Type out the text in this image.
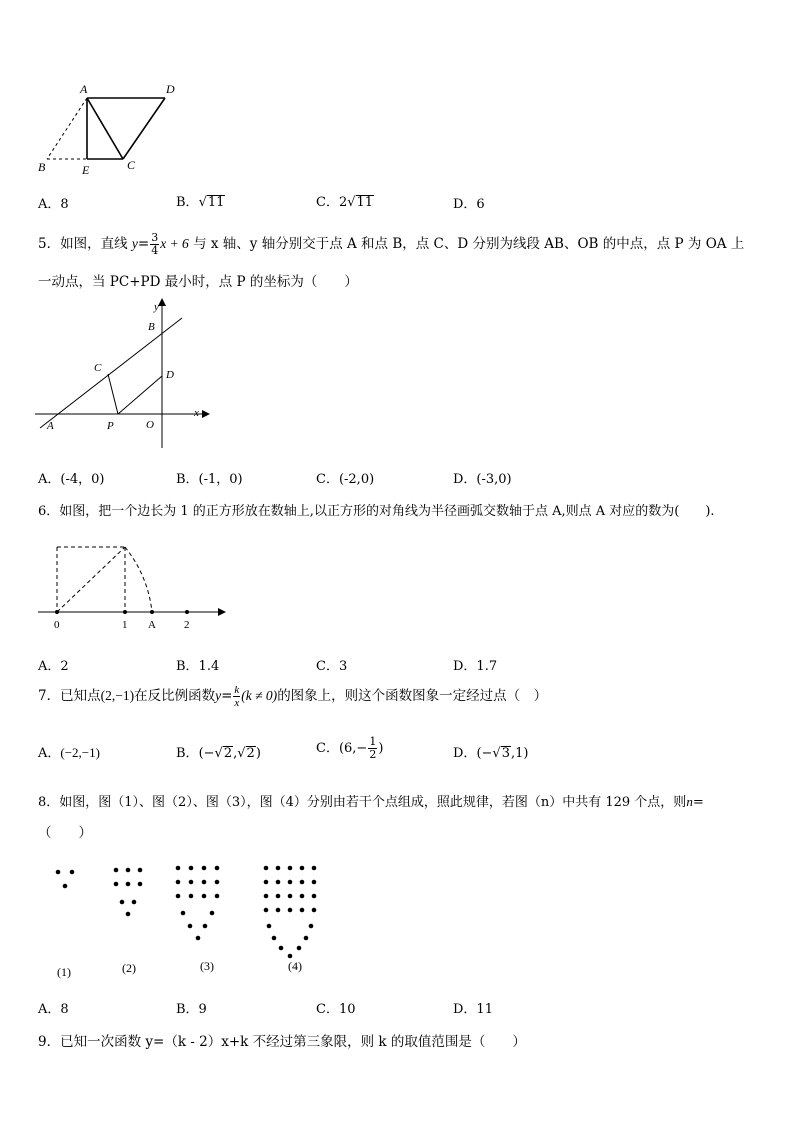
A	D
B	E	C
A．8	B．√11	C．2√11	D．6
5．如图，直线 $y= \frac{3}{4}$ x + 6 与 x 轴、y 轴分别交于点 A 和点 B，点 C、D 分别为线段 AB、OB 的中点，点 P 为 OA 上
一动点，当 PC+PD 最小时，点 P 的坐标为（　　）
y
x
B
C
D
A	P	O
A．(-4，0)	B．(-1，0)	C．(-2,0)	D．(-3,0)
6．如图，把一个边长为 1 的正方形放在数轴上,以正方形的对角线为半径画弧交数轴于点 A,则点 A 对应的数为(　　).
0	1 A	2
A．2	B．1.4	C．3	D．1.7
7．已知点(2,−1)在反比例函数$y= \frac{k}{x} (k \ne 0)$的图象上，则这个函数图象一定经过点（　）
A．(−2,−1)	B．(−√2,√2)	C．($6,- \frac{1}{2}$ )	D．(−√3,1)
8．如图，图（1）、图（2）、图（3），图（4）分别由若干个点组成，照此规律，若图（n）中共有 129 个点，则n=
（　　）
(1)	(2)	(3)	(4)
A．8	B．9	C．10	D．11
9．已知一次函数 y=（k - 2）x+k 不经过第三象限，则 k 的取值范围是（　　）
